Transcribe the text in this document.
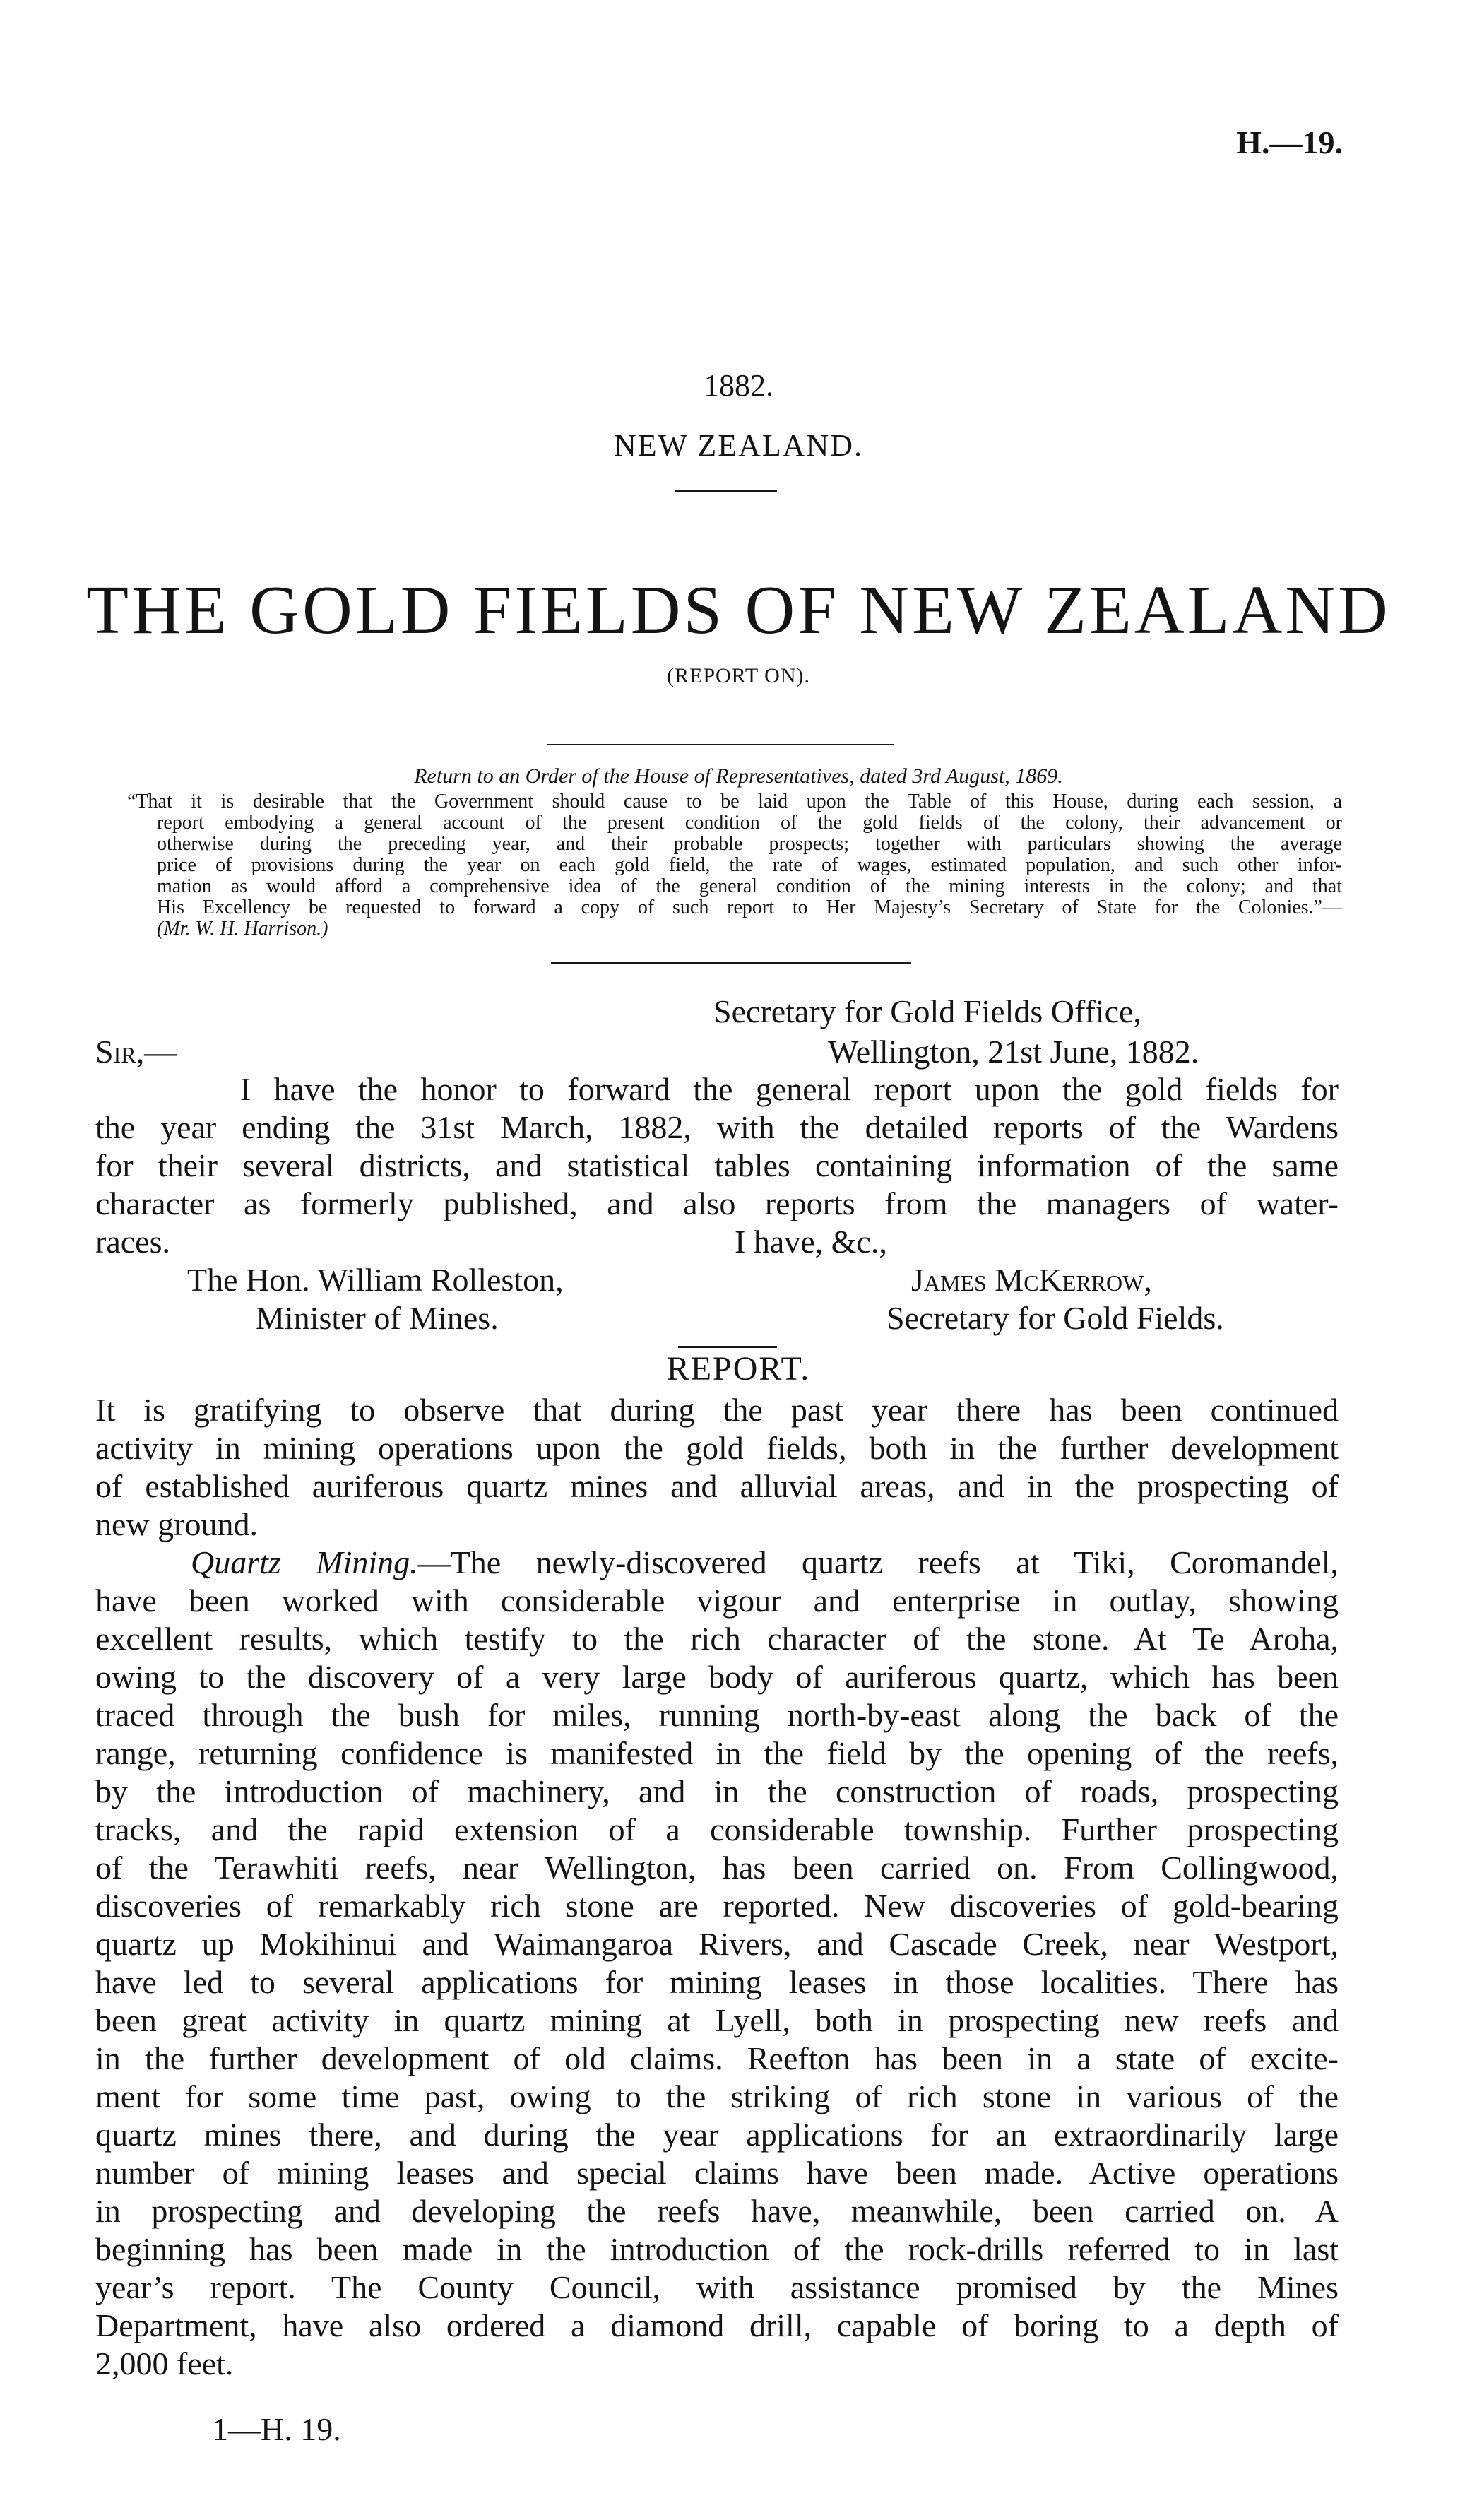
H.—19.
1882.
NEW ZEALAND.
THE GOLD FIELDS OF NEW ZEALAND
(REPORT ON).
Return to an Order of the House of Representatives, dated 3rd August, 1869.
“That it is desirable that the Government should cause to be laid upon the Table of this House, during each session, a
report embodying a general account of the present condition of the gold fields of the colony, their advancement or
otherwise during the preceding year, and their probable prospects; together with particulars showing the average
price of provisions during the year on each gold field, the rate of wages, estimated population, and such other infor-
mation as would afford a comprehensive idea of the general condition of the mining interests in the colony; and that
His Excellency be requested to forward a copy of such report to Her Majesty’s Secretary of State for the Colonies.”—
(Mr. W. H. Harrison.)
Secretary for Gold Fields Office,
Sir,—	Wellington, 21st June, 1882.
I have the honor to forward the general report upon the gold fields for
the year ending the 31st March, 1882, with the detailed reports of the Wardens
for their several districts, and statistical tables containing information of the same
character as formerly published, and also reports from the managers of water-
races.	I have, &c.,
The Hon. William Rolleston,	James McKerrow,
Minister of Mines.	Secretary for Gold Fields.
REPORT.
It is gratifying to observe that during the past year there has been continued
activity in mining operations upon the gold fields, both in the further development
of established auriferous quartz mines and alluvial areas, and in the prospecting of
new ground.
Quartz Mining.—The newly-discovered quartz reefs at Tiki, Coromandel,
have been worked with considerable vigour and enterprise in outlay, showing
excellent results, which testify to the rich character of the stone. At Te Aroha,
owing to the discovery of a very large body of auriferous quartz, which has been
traced through the bush for miles, running north-by-east along the back of the
range, returning confidence is manifested in the field by the opening of the reefs,
by the introduction of machinery, and in the construction of roads, prospecting
tracks, and the rapid extension of a considerable township. Further prospecting
of the Terawhiti reefs, near Wellington, has been carried on. From Collingwood,
discoveries of remarkably rich stone are reported. New discoveries of gold-bearing
quartz up Mokihinui and Waimangaroa Rivers, and Cascade Creek, near Westport,
have led to several applications for mining leases in those localities. There has
been great activity in quartz mining at Lyell, both in prospecting new reefs and
in the further development of old claims. Reefton has been in a state of excite-
ment for some time past, owing to the striking of rich stone in various of the
quartz mines there, and during the year applications for an extraordinarily large
number of mining leases and special claims have been made. Active operations
in prospecting and developing the reefs have, meanwhile, been carried on. A
beginning has been made in the introduction of the rock-drills referred to in last
year’s report. The County Council, with assistance promised by the Mines
Department, have also ordered a diamond drill, capable of boring to a depth of
2,000 feet.
1—H. 19.
